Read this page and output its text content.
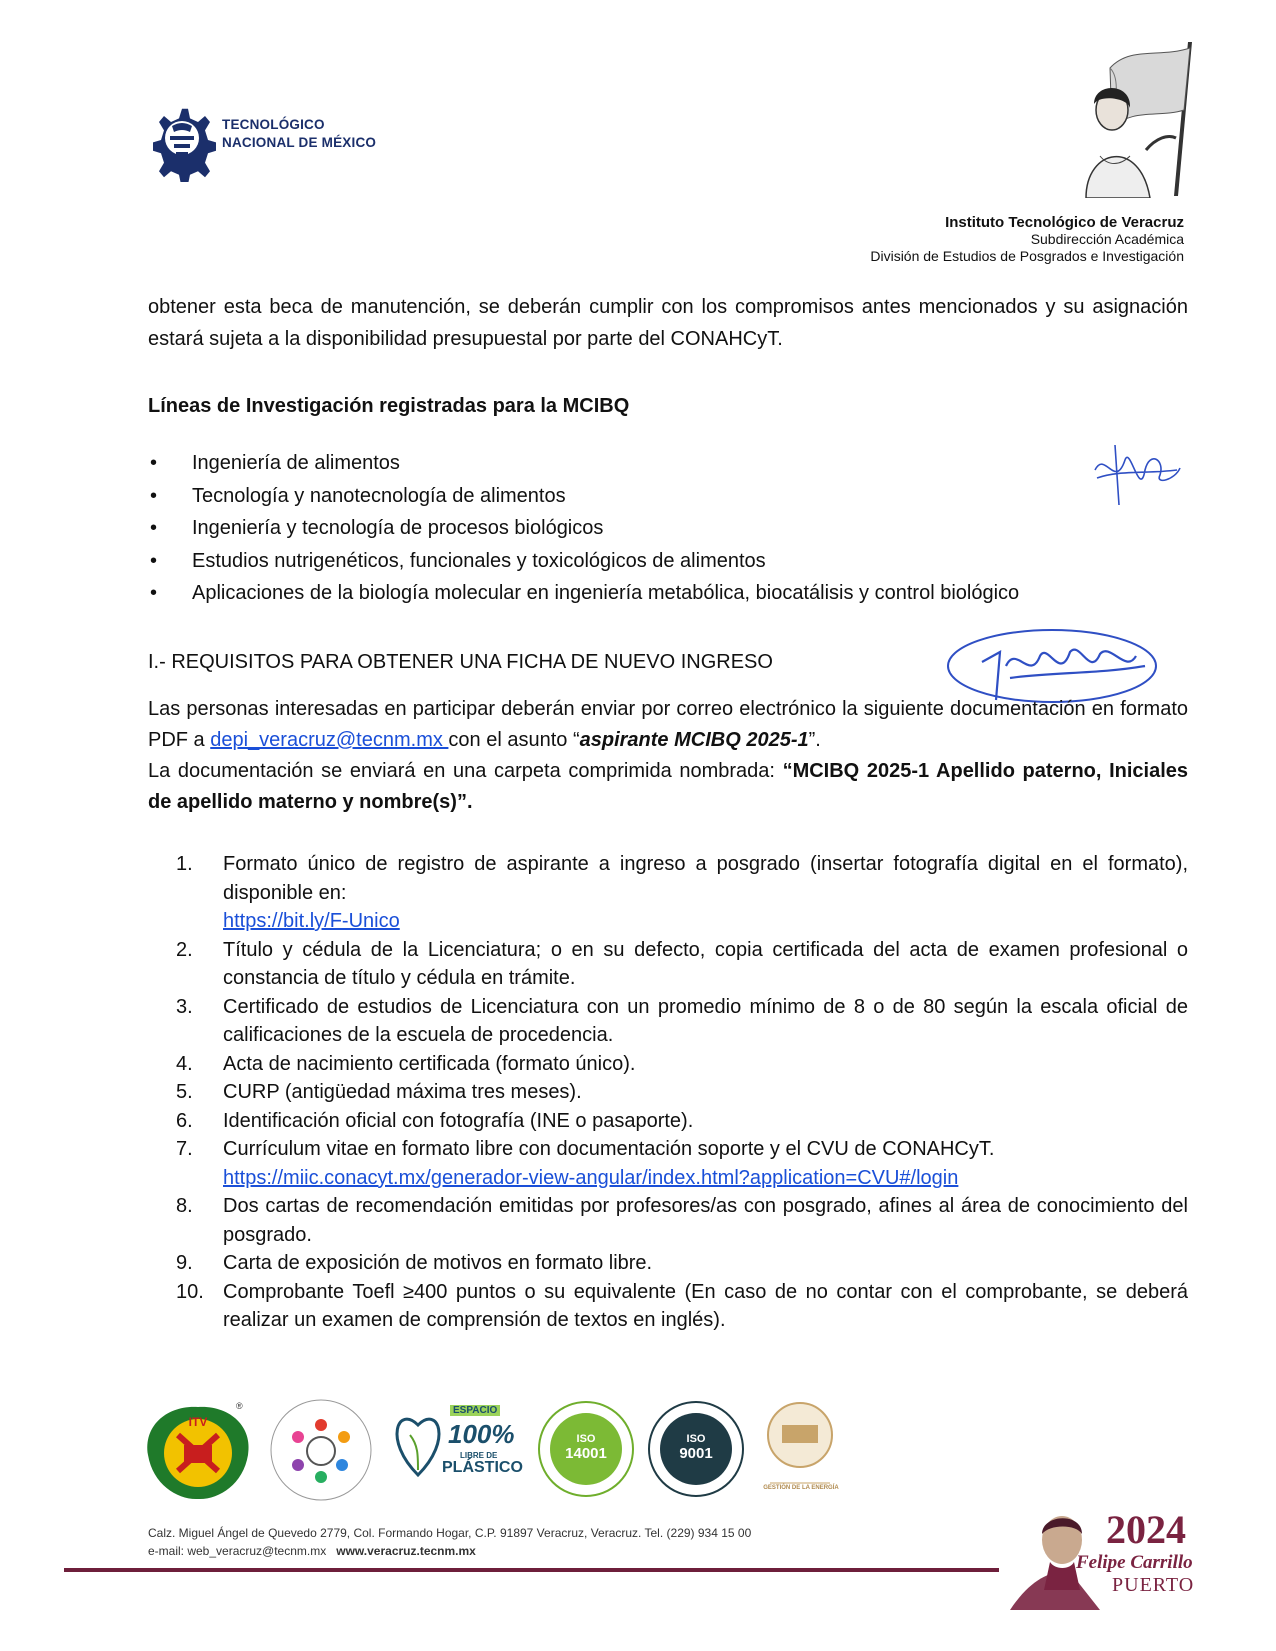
TECNOLÓGICO
NACIONAL DE MÉXICO
Instituto Tecnológico de Veracruz
Subdirección Académica
División de Estudios de Posgrados e Investigación

obtener esta beca de manutención, se deberán cumplir con los compromisos antes mencionados y su asignación estará sujeta a la disponibilidad presupuestal por parte del CONAHCyT.

Líneas de Investigación registradas para la MCIBQ
• Ingeniería de alimentos
• Tecnología y nanotecnología de alimentos
• Ingeniería y tecnología de procesos biológicos
• Estudios nutrigenéticos, funcionales y toxicológicos de alimentos
• Aplicaciones de la biología molecular en ingeniería metabólica, biocatálisis y control biológico
I.- REQUISITOS PARA OBTENER UNA FICHA DE NUEVO INGRESO

Las personas interesadas en participar deberán enviar por correo electrónico la siguiente documentación en formato PDF a depi_veracruz@tecnm.mx con el asunto “aspirante MCIBQ 2025-1”.

La documentación se enviará en una carpeta comprimida nombrada: “MCIBQ 2025-1 Apellido paterno, Iniciales de apellido materno y nombre(s)”.

1. Formato único de registro de aspirante a ingreso a posgrado (insertar fotografía digital en el formato), disponible en:
https://bit.ly/F-Unico
2. Título y cédula de la Licenciatura; o en su defecto, copia certificada del acta de examen profesional o constancia de título y cédula en trámite.
3. Certificado de estudios de Licenciatura con un promedio mínimo de 8 o de 80 según la escala oficial de calificaciones de la escuela de procedencia.
4. Acta de nacimiento certificada (formato único).
5. CURP (antigüedad máxima tres meses).
6. Identificación oficial con fotografía (INE o pasaporte).
7. Currículum vitae en formato libre con documentación soporte y el CVU de CONAHCyT.
https://miic.conacyt.mx/generador-view-angular/index.html?application=CVU#/login
8. Dos cartas de recomendación emitidas por profesores/as con posgrado, afines al área de conocimiento del posgrado.
9. Carta de exposición de motivos en formato libre.
10. Comprobante Toefl ≥400 puntos o su equivalente (En caso de no contar con el comprobante, se deberá realizar un examen de comprensión de textos en inglés).
®
ITV
ESPACIO
100%
LIBRE DE
PLÁSTICO
ISO
14001
ISO
9001
GESTIÓN DE LA ENERGÍA
Calz. Miguel Ángel de Quevedo 2779, Col. Formando Hogar, C.P. 91897 Veracruz, Veracruz. Tel. (229) 934 15 00
e-mail: web_veracruz@tecnm.mx www.veracruz.tecnm.mx	2024
Felipe Carrillo
PUERTO
